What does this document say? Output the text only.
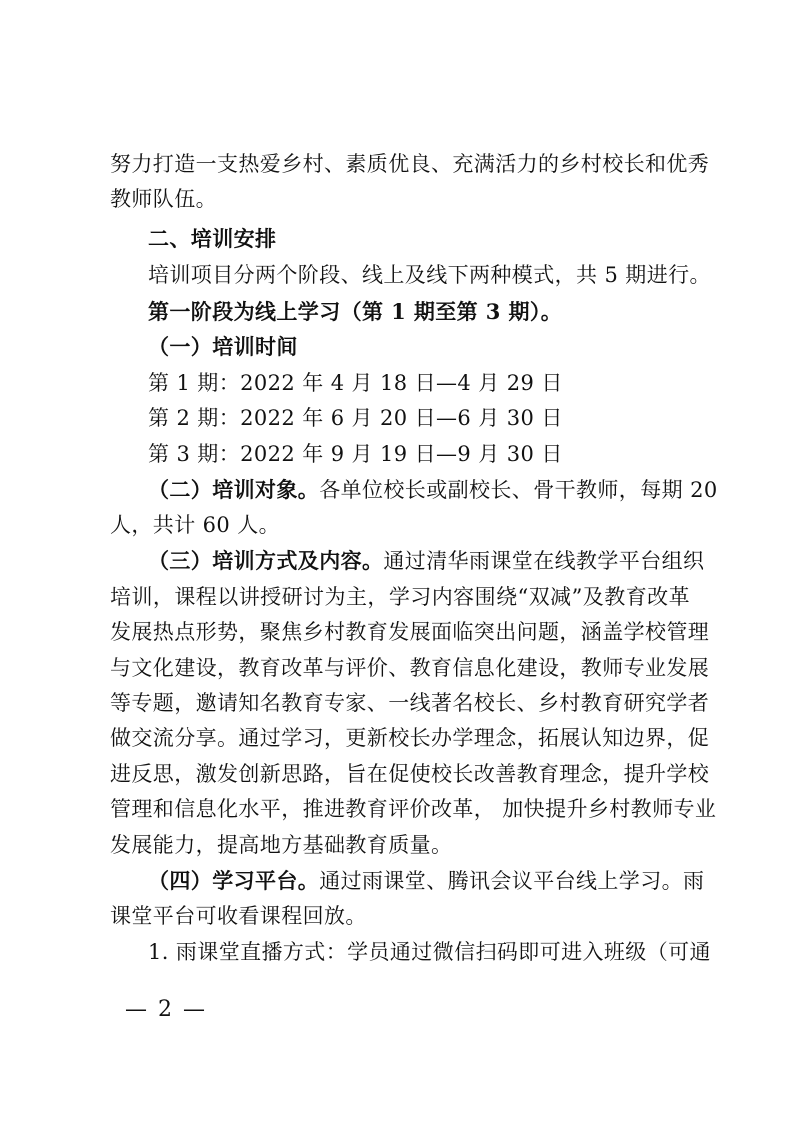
努力打造一支热爱乡村、素质优良、充满活力的乡村校长和优秀
教师队伍。
二、培训安排
培训项目分两个阶段、线上及线下两种模式，共 5 期进行。
第一阶段为线上学习（第 1 期至第 3 期）。
（一）培训时间
第 1 期：2022 年 4 月 18 日—4 月 29 日
第 2 期：2022 年 6 月 20 日—6 月 30 日
第 3 期：2022 年 9 月 19 日—9 月 30 日
（二）培训对象。 各单位校长或副校长、骨干教师，每期 20
人，共计 60 人。
（三）培训方式及内容。 通过清华雨课堂在线教学平台组织
培训，课程以讲授研讨为主，学习内容围绕“双减”及教育改革
发展热点形势，聚焦乡村教育发展面临突出问题，涵盖学校管理
与文化建设，教育改革与评价、教育信息化建设，教师专业发展
等专题，邀请知名教育专家、一线著名校长、乡村教育研究学者
做交流分享。通过学习，更新校长办学理念，拓展认知边界，促
进反思，激发创新思路，旨在促使校长改善教育理念，提升学校
管理和信息化水平，推进教育评价改革， 加快提升乡村教师专业
发展能力，提高地方基础教育质量。
（四）学习平台。 通过雨课堂、腾讯会议平台线上学习。雨
课堂平台可收看课程回放。
1. 雨课堂直播方式：学员通过微信扫码即可进入班级（可通
— 2 —
